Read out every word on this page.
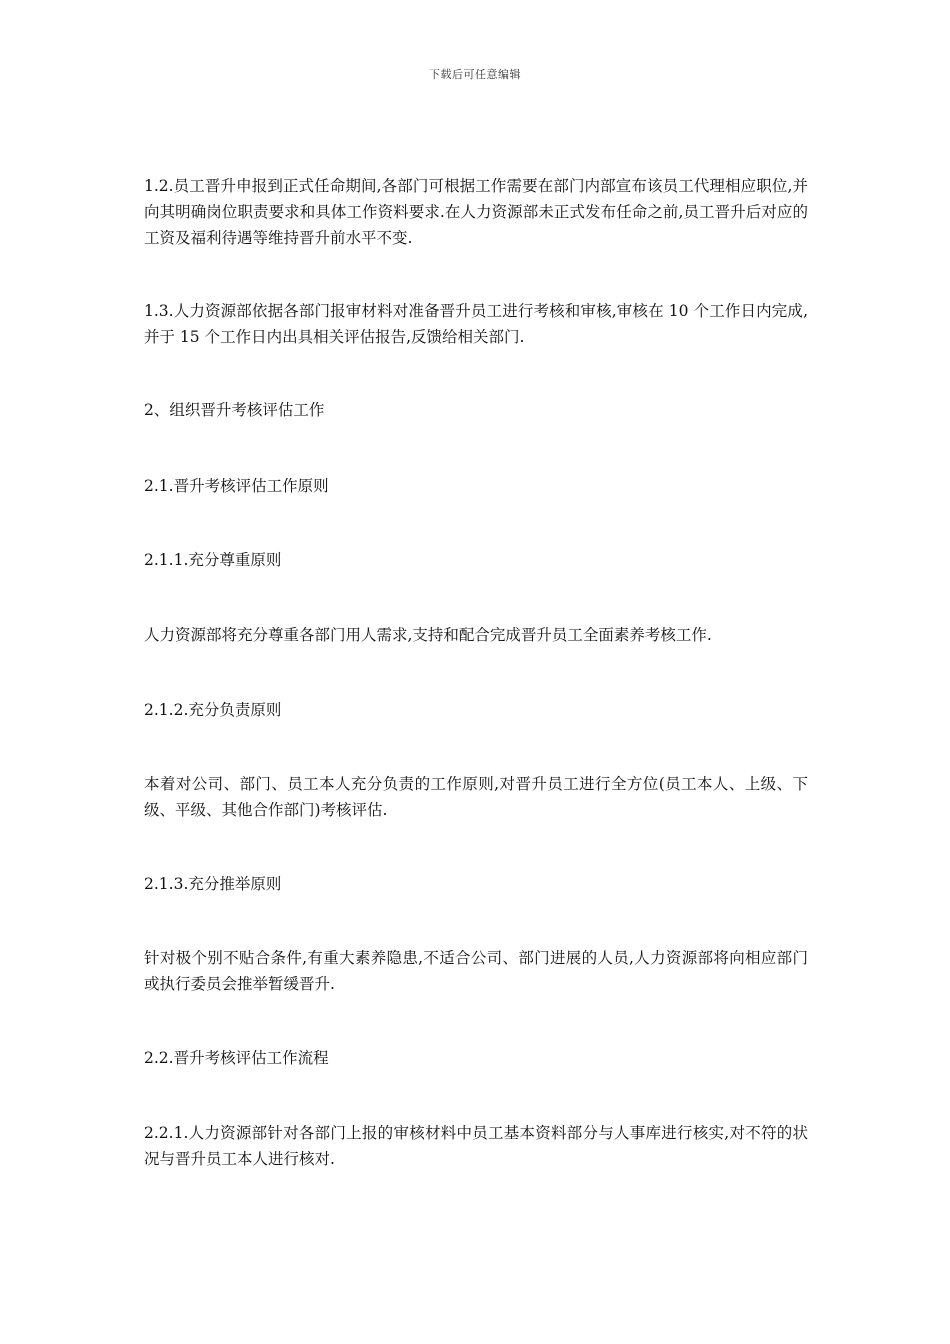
下载后可任意编辑

1.2.员工晋升申报到正式任命期间,各部门可根据工作需要在部门内部宣布该员工代理相应职位,并向其明确岗位职责要求和具体工作资料要求.在人力资源部未正式发布任命之前,员工晋升后对应的工资及福利待遇等维持晋升前水平不变.

1.3.人力资源部依据各部门报审材料对准备晋升员工进行考核和审核,审核在 10 个工作日内完成,并于 15 个工作日内出具相关评估报告,反馈给相关部门.

2、组织晋升考核评估工作

2.1.晋升考核评估工作原则

2.1.1.充分尊重原则

人力资源部将充分尊重各部门用人需求,支持和配合完成晋升员工全面素养考核工作.

2.1.2.充分负责原则

本着对公司、部门、员工本人充分负责的工作原则,对晋升员工进行全方位(员工本人、上级、下级、平级、其他合作部门)考核评估.

2.1.3.充分推举原则

针对极个别不贴合条件,有重大素养隐患,不适合公司、部门进展的人员,人力资源部将向相应部门或执行委员会推举暂缓晋升.

2.2.晋升考核评估工作流程

2.2.1.人力资源部针对各部门上报的审核材料中员工基本资料部分与人事库进行核实,对不符的状况与晋升员工本人进行核对.
